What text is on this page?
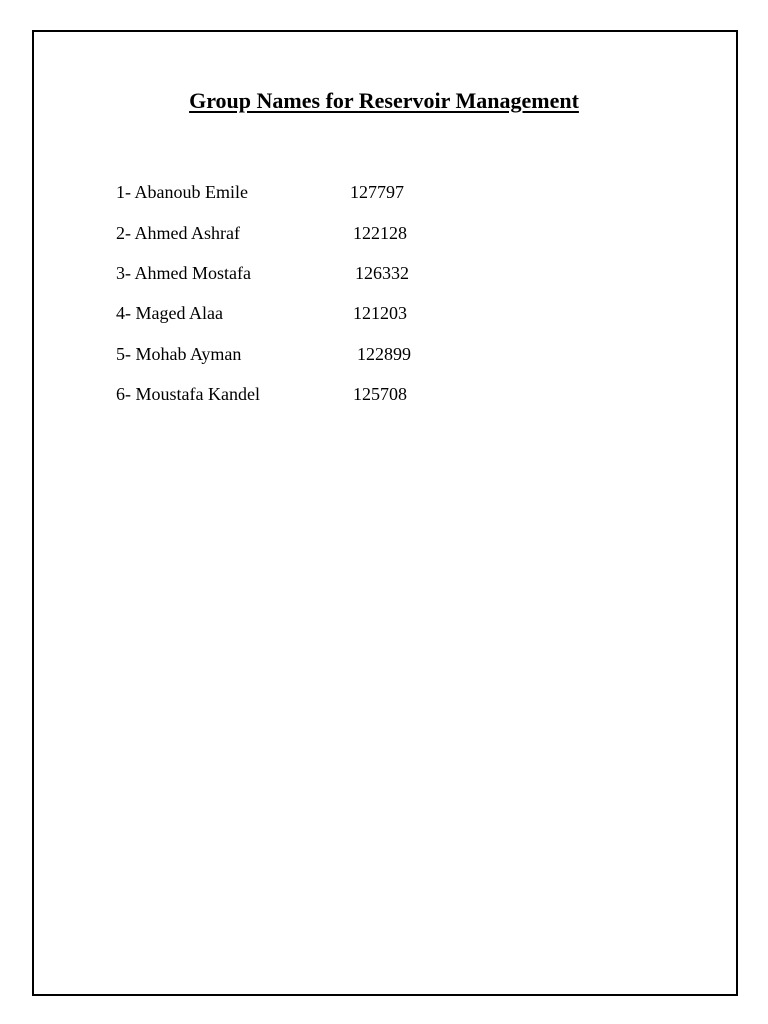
Group Names for Reservoir Management
1- Abanoub Emile	127797
2- Ahmed Ashraf	122128
3- Ahmed Mostafa	126332
4- Maged Alaa	121203
5- Mohab Ayman	122899
6- Moustafa Kandel	125708
